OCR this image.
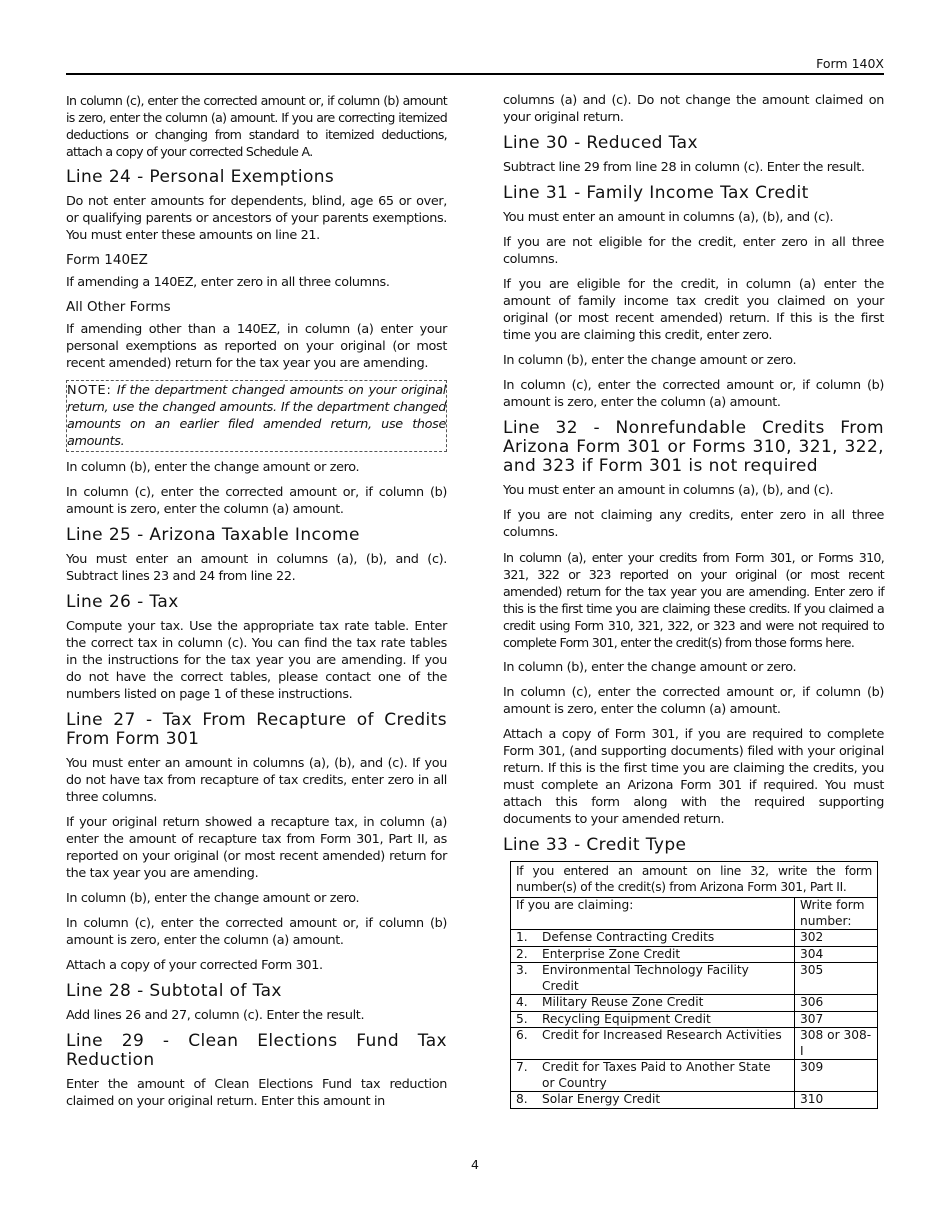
Form 140X

In column (c), enter the corrected amount or, if column (b) amount is zero, enter the column (a) amount. If you are correcting itemized deductions or changing from standard to itemized deductions, attach a copy of your corrected Schedule A.

Line 24 - Personal Exemptions

Do not enter amounts for dependents, blind, age 65 or over, or qualifying parents or ancestors of your parents exemptions. You must enter these amounts on line 21.

Form 140EZ

If amending a 140EZ, enter zero in all three columns.

All Other Forms

If amending other than a 140EZ, in column (a) enter your personal exemptions as reported on your original (or most recent amended) return for the tax year you are amending.

NOTE: If the department changed amounts on your original return, use the changed amounts. If the department changed amounts on an earlier filed amended return, use those amounts.

In column (b), enter the change amount or zero.

In column (c), enter the corrected amount or, if column (b) amount is zero, enter the column (a) amount.

Line 25 - Arizona Taxable Income

You must enter an amount in columns (a), (b), and (c). Subtract lines 23 and 24 from line 22.

Line 26 - Tax

Compute your tax. Use the appropriate tax rate table. Enter the correct tax in column (c). You can find the tax rate tables in the instructions for the tax year you are amending. If you do not have the correct tables, please contact one of the numbers listed on page 1 of these instructions.

Line 27 - Tax From Recapture of Credits From Form 301

You must enter an amount in columns (a), (b), and (c). If you do not have tax from recapture of tax credits, enter zero in all three columns.

If your original return showed a recapture tax, in column (a) enter the amount of recapture tax from Form 301, Part II, as reported on your original (or most recent amended) return for the tax year you are amending.

In column (b), enter the change amount or zero.

In column (c), enter the corrected amount or, if column (b) amount is zero, enter the column (a) amount.

Attach a copy of your corrected Form 301.

Line 28 - Subtotal of Tax

Add lines 26 and 27, column (c). Enter the result.

Line 29 - Clean Elections Fund Tax Reduction

Enter the amount of Clean Elections Fund tax reduction claimed on your original return. Enter this amount in

columns (a) and (c). Do not change the amount claimed on your original return.

Line 30 - Reduced Tax

Subtract line 29 from line 28 in column (c). Enter the result.

Line 31 - Family Income Tax Credit

You must enter an amount in columns (a), (b), and (c).

If you are not eligible for the credit, enter zero in all three columns.

If you are eligible for the credit, in column (a) enter the amount of family income tax credit you claimed on your original (or most recent amended) return. If this is the first time you are claiming this credit, enter zero.

In column (b), enter the change amount or zero.

In column (c), enter the corrected amount or, if column (b) amount is zero, enter the column (a) amount.

Line 32 - Nonrefundable Credits From Arizona Form 301 or Forms 310, 321, 322, and 323 if Form 301 is not required

You must enter an amount in columns (a), (b), and (c).

If you are not claiming any credits, enter zero in all three columns.

In column (a), enter your credits from Form 301, or Forms 310, 321, 322 or 323 reported on your original (or most recent amended) return for the tax year you are amending. Enter zero if this is the first time you are claiming these credits. If you claimed a credit using Form 310, 321, 322, or 323 and were not required to complete Form 301, enter the credit(s) from those forms here.

In column (b), enter the change amount or zero.

In column (c), enter the corrected amount or, if column (b) amount is zero, enter the column (a) amount.

Attach a copy of Form 301, if you are required to complete Form 301, (and supporting documents) filed with your original return. If this is the first time you are claiming the credits, you must complete an Arizona Form 301 if required. You must attach this form along with the required supporting documents to your amended return.

Line 33 - Credit Type
If you entered an amount on line 32, write the form number(s) of the credit(s) from Arizona Form 301, Part II.	
If you are claiming:	Write form number:
1. Defense Contracting Credits	302
2. Enterprise Zone Credit	304
3. Environmental Technology Facility Credit	305
4. Military Reuse Zone Credit	306
5. Recycling Equipment Credit	307
6. Credit for Increased Research Activities	308 or 308-I
7. Credit for Taxes Paid to Another State or Country	309
8. Solar Energy Credit	310
4
